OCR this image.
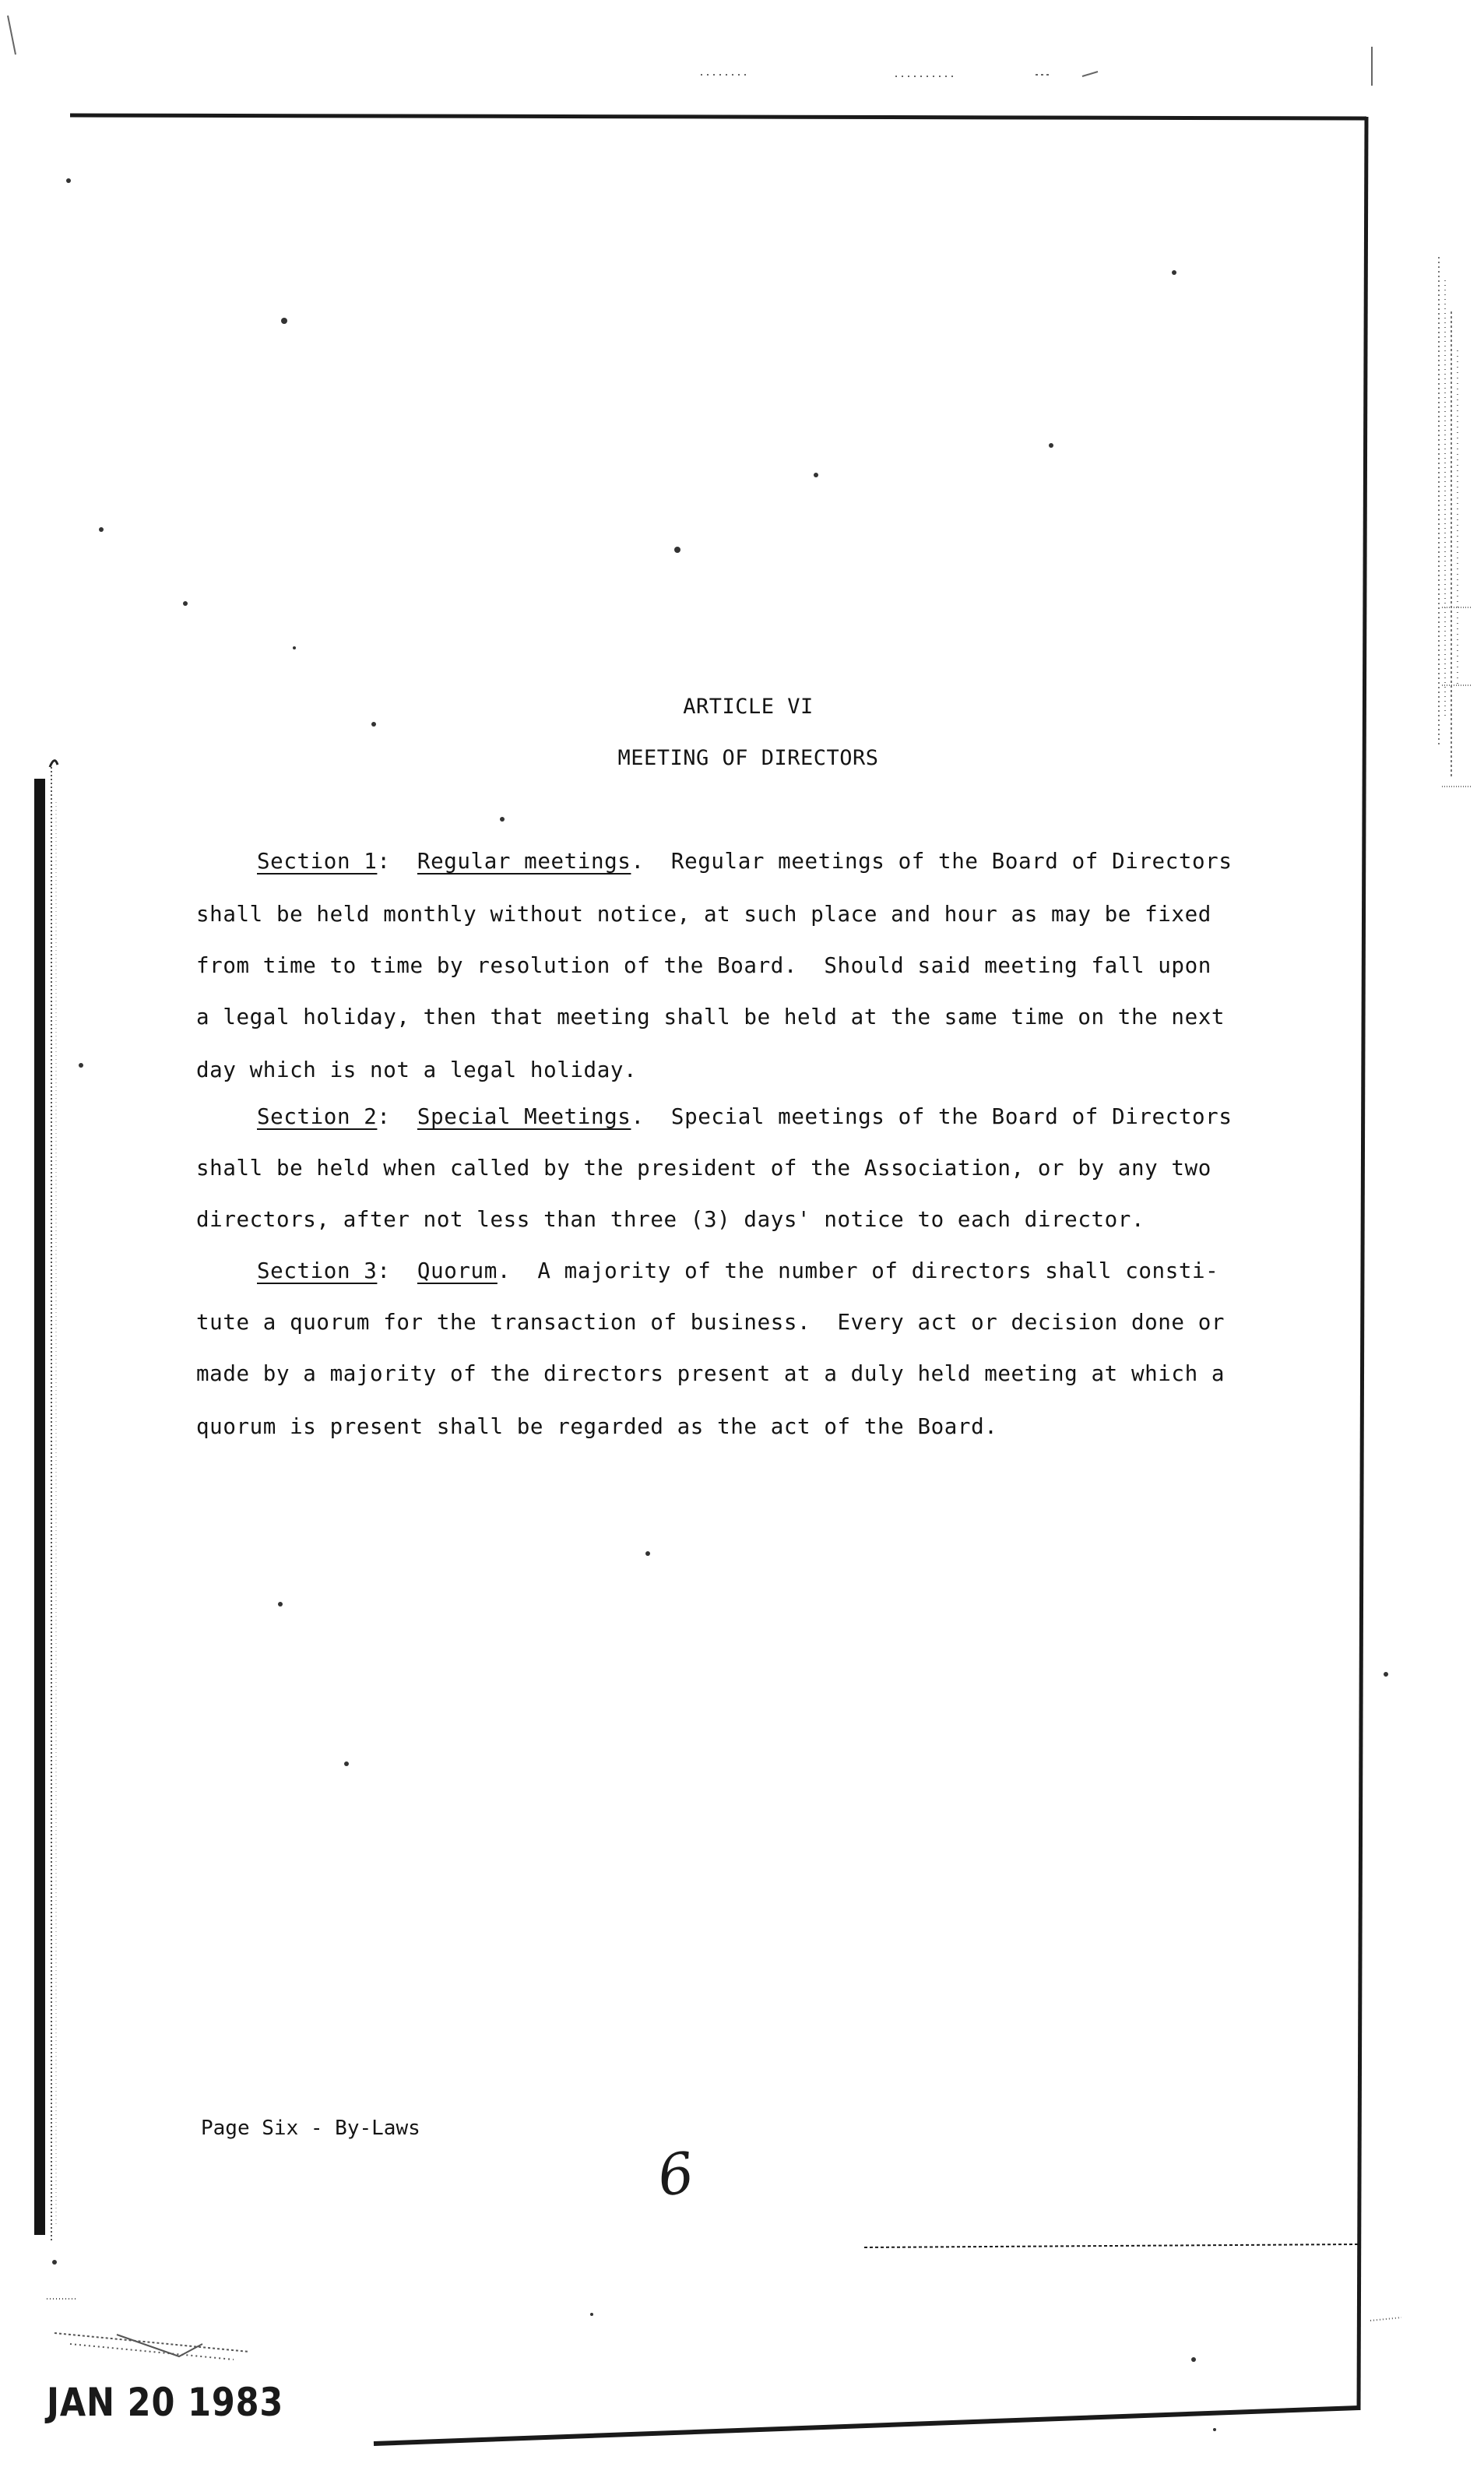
ARTICLE VI
MEETING OF DIRECTORS
Section 1: Regular meetings.  Regular meetings of the Board of Directors
shall be held monthly without notice, at such place and hour as may be fixed
from time to time by resolution of the Board.  Should said meeting fall upon
a legal holiday, then that meeting shall be held at the same time on the next
day which is not a legal holiday.
Section 2: Special Meetings.  Special meetings of the Board of Directors
shall be held when called by the president of the Association, or by any two
directors, after not less than three (3) days' notice to each director.
Section 3: Quorum.  A majority of the number of directors shall consti-
tute a quorum for the transaction of business.  Every act or decision done or
made by a majority of the directors present at a duly held meeting at which a
quorum is present shall be regarded as the act of the Board.
Page Six - By-Laws
6
JAN 20 1983
